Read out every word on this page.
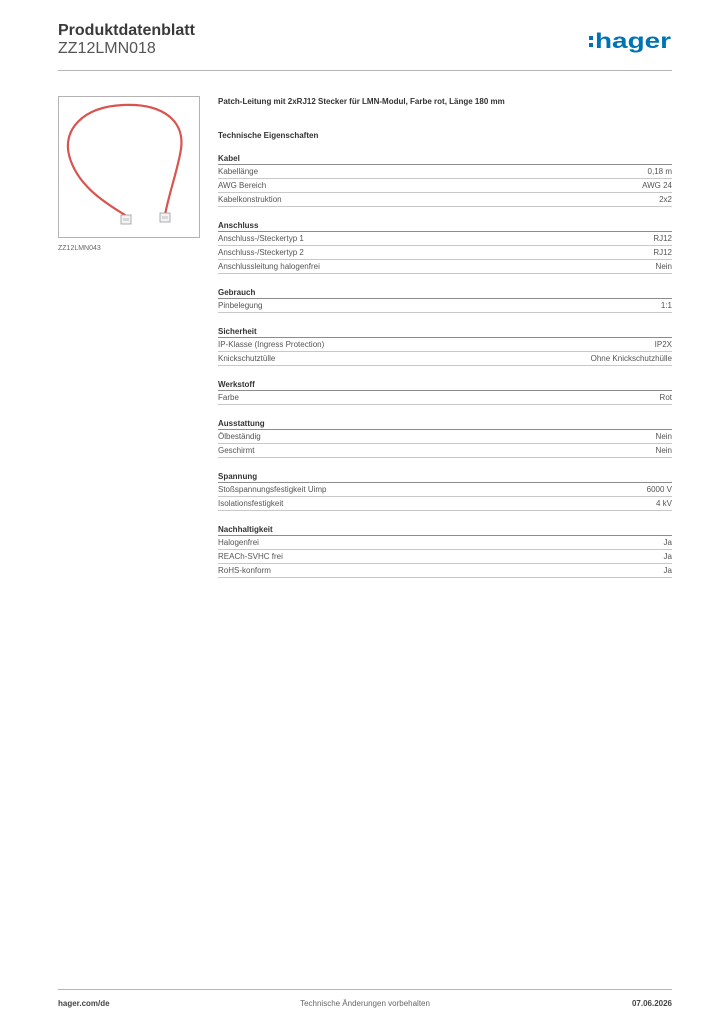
Produktdatenblatt
ZZ12LMN018	hager
ZZ12LMN043
Patch-Leitung mit 2xRJ12 Stecker für LMN-Modul, Farbe rot, Länge 180 mm
Technische Eigenschaften
Kabel
Kabellänge	0,18 m
AWG Bereich	AWG 24
Kabelkonstruktion	2x2
Anschluss
Anschluss-/Steckertyp 1	RJ12
Anschluss-/Steckertyp 2	RJ12
Anschlussleitung halogenfrei	Nein
Gebrauch
Pinbelegung	1:1
Sicherheit
IP-Klasse (Ingress Protection)	IP2X
Knickschutztülle	Ohne Knickschutzhülle
Werkstoff
Farbe	Rot
Ausstattung
Ölbeständig	Nein
Geschirmt	Nein
Spannung
Stoßspannungsfestigkeit Uimp	6000 V
Isolationsfestigkeit	4 kV
Nachhaltigkeit
Halogenfrei	Ja
REACh-SVHC frei	Ja
RoHS-konform	Ja
hager.com/de	Technische Änderungen vorbehalten	07.06.2026
